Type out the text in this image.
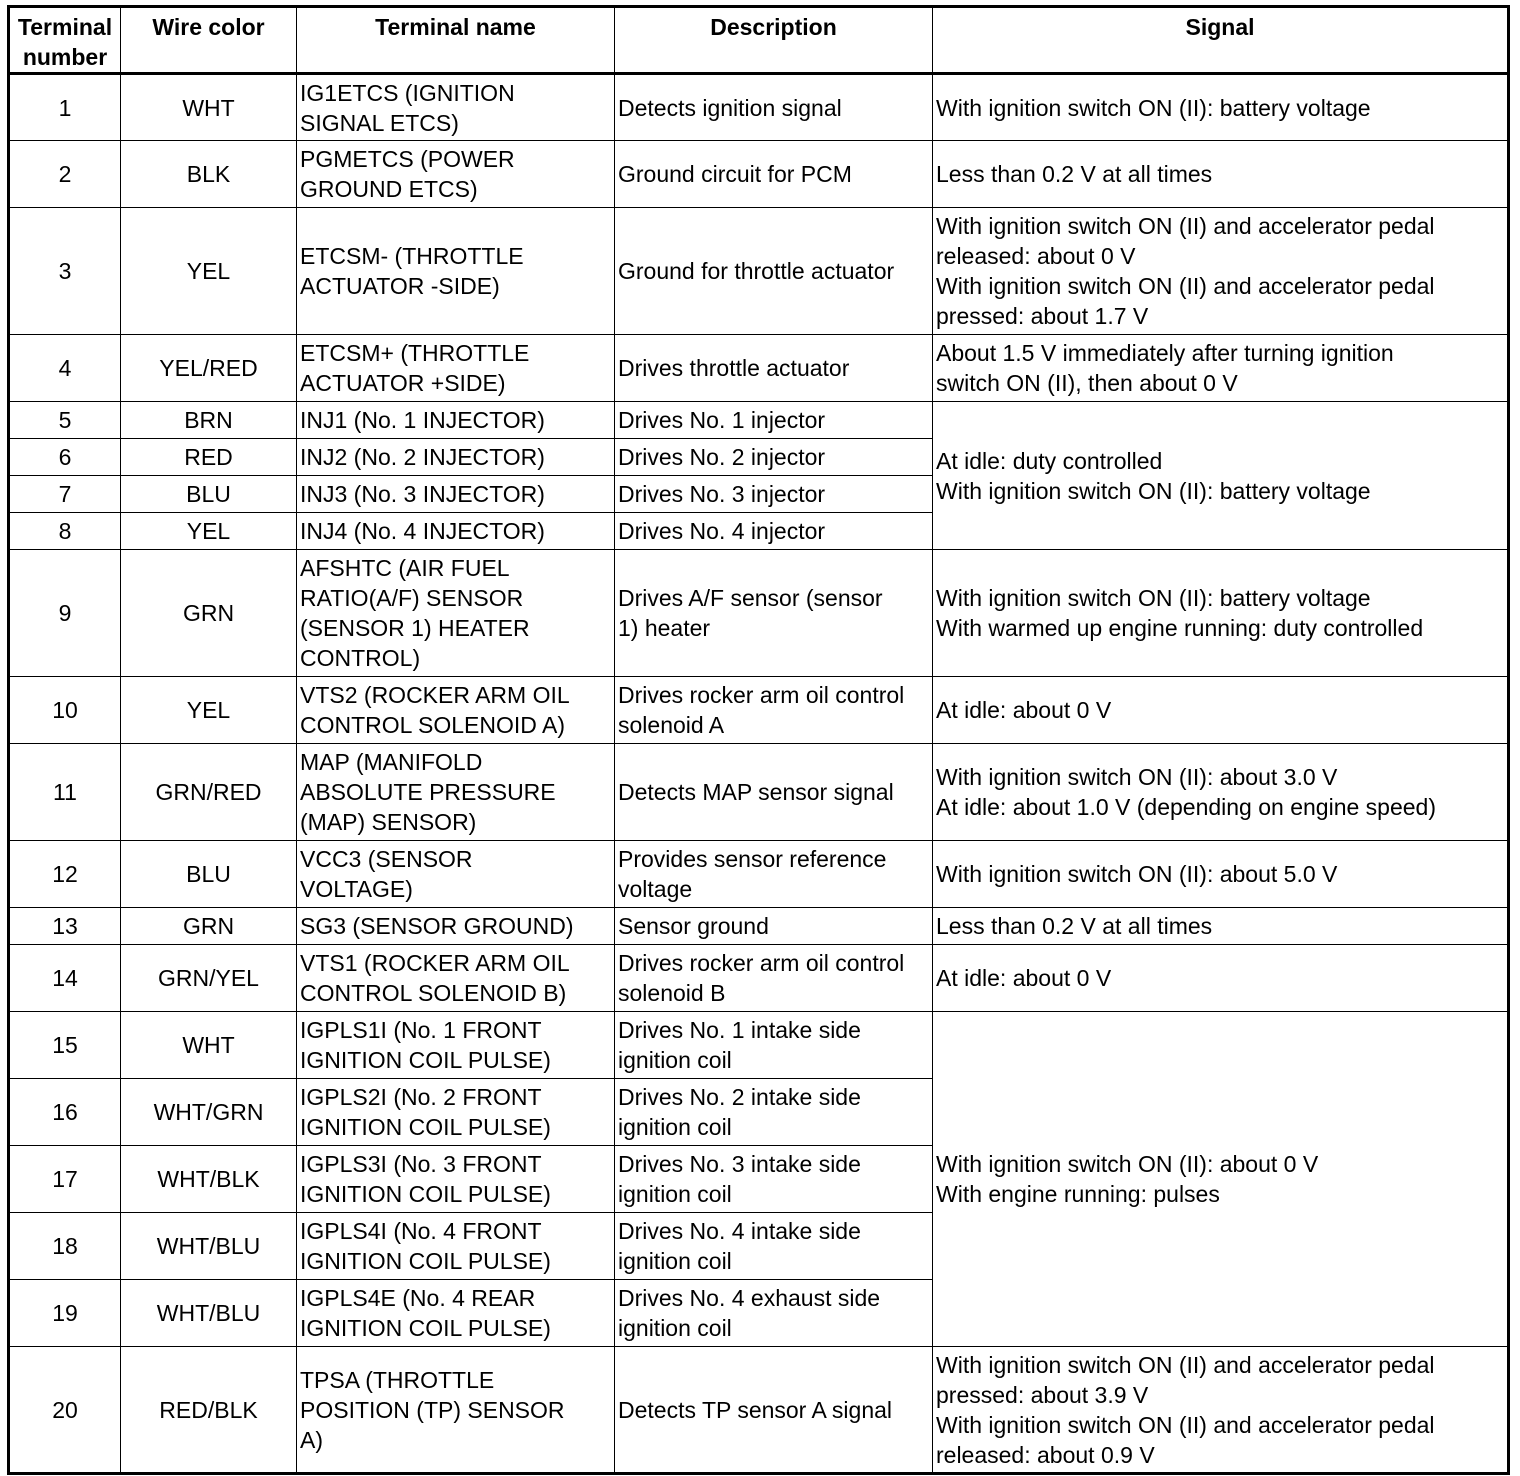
Terminal
number	Wire color	Terminal name	Description	Signal
1	WHT	IG1ETCS (IGNITION
SIGNAL ETCS)	Detects ignition signal	With ignition switch ON (II): battery voltage
2	BLK	PGMETCS (POWER
GROUND ETCS)	Ground circuit for PCM	Less than 0.2 V at all times
3	YEL	ETCSM- (THROTTLE
ACTUATOR -SIDE)	Ground for throttle actuator	With ignition switch ON (II) and accelerator pedal
released: about 0 V
With ignition switch ON (II) and accelerator pedal
pressed: about 1.7 V
4	YEL/RED	ETCSM+ (THROTTLE
ACTUATOR +SIDE)	Drives throttle actuator	About 1.5 V immediately after turning ignition
switch ON (II), then about 0 V
5	BRN	INJ1 (No. 1 INJECTOR)	Drives No. 1 injector	At idle: duty controlled
With ignition switch ON (II): battery voltage
6	RED	INJ2 (No. 2 INJECTOR)	Drives No. 2 injector	
7	BLU	INJ3 (No. 3 INJECTOR)	Drives No. 3 injector	
8	YEL	INJ4 (No. 4 INJECTOR)	Drives No. 4 injector	
9	GRN	AFSHTC (AIR FUEL
RATIO(A/F) SENSOR
(SENSOR 1) HEATER
CONTROL)	Drives A/F sensor (sensor
1) heater	With ignition switch ON (II): battery voltage
With warmed up engine running: duty controlled
10	YEL	VTS2 (ROCKER ARM OIL
CONTROL SOLENOID A)	Drives rocker arm oil control
solenoid A	At idle: about 0 V
11	GRN/RED	MAP (MANIFOLD
ABSOLUTE PRESSURE
(MAP) SENSOR)	Detects MAP sensor signal	With ignition switch ON (II): about 3.0 V
At idle: about 1.0 V (depending on engine speed)
12	BLU	VCC3 (SENSOR
VOLTAGE)	Provides sensor reference
voltage	With ignition switch ON (II): about 5.0 V
13	GRN	SG3 (SENSOR GROUND)	Sensor ground	Less than 0.2 V at all times
14	GRN/YEL	VTS1 (ROCKER ARM OIL
CONTROL SOLENOID B)	Drives rocker arm oil control
solenoid B	At idle: about 0 V
15	WHT	IGPLS1I (No. 1 FRONT
IGNITION COIL PULSE)	Drives No. 1 intake side
ignition coil	With ignition switch ON (II): about 0 V
With engine running: pulses
16	WHT/GRN	IGPLS2I (No. 2 FRONT
IGNITION COIL PULSE)	Drives No. 2 intake side
ignition coil	
17	WHT/BLK	IGPLS3I (No. 3 FRONT
IGNITION COIL PULSE)	Drives No. 3 intake side
ignition coil	
18	WHT/BLU	IGPLS4I (No. 4 FRONT
IGNITION COIL PULSE)	Drives No. 4 intake side
ignition coil	
19	WHT/BLU	IGPLS4E (No. 4 REAR
IGNITION COIL PULSE)	Drives No. 4 exhaust side
ignition coil	
20	RED/BLK	TPSA (THROTTLE
POSITION (TP) SENSOR
A)	Detects TP sensor A signal	With ignition switch ON (II) and accelerator pedal
pressed: about 3.9 V
With ignition switch ON (II) and accelerator pedal
released: about 0.9 V
